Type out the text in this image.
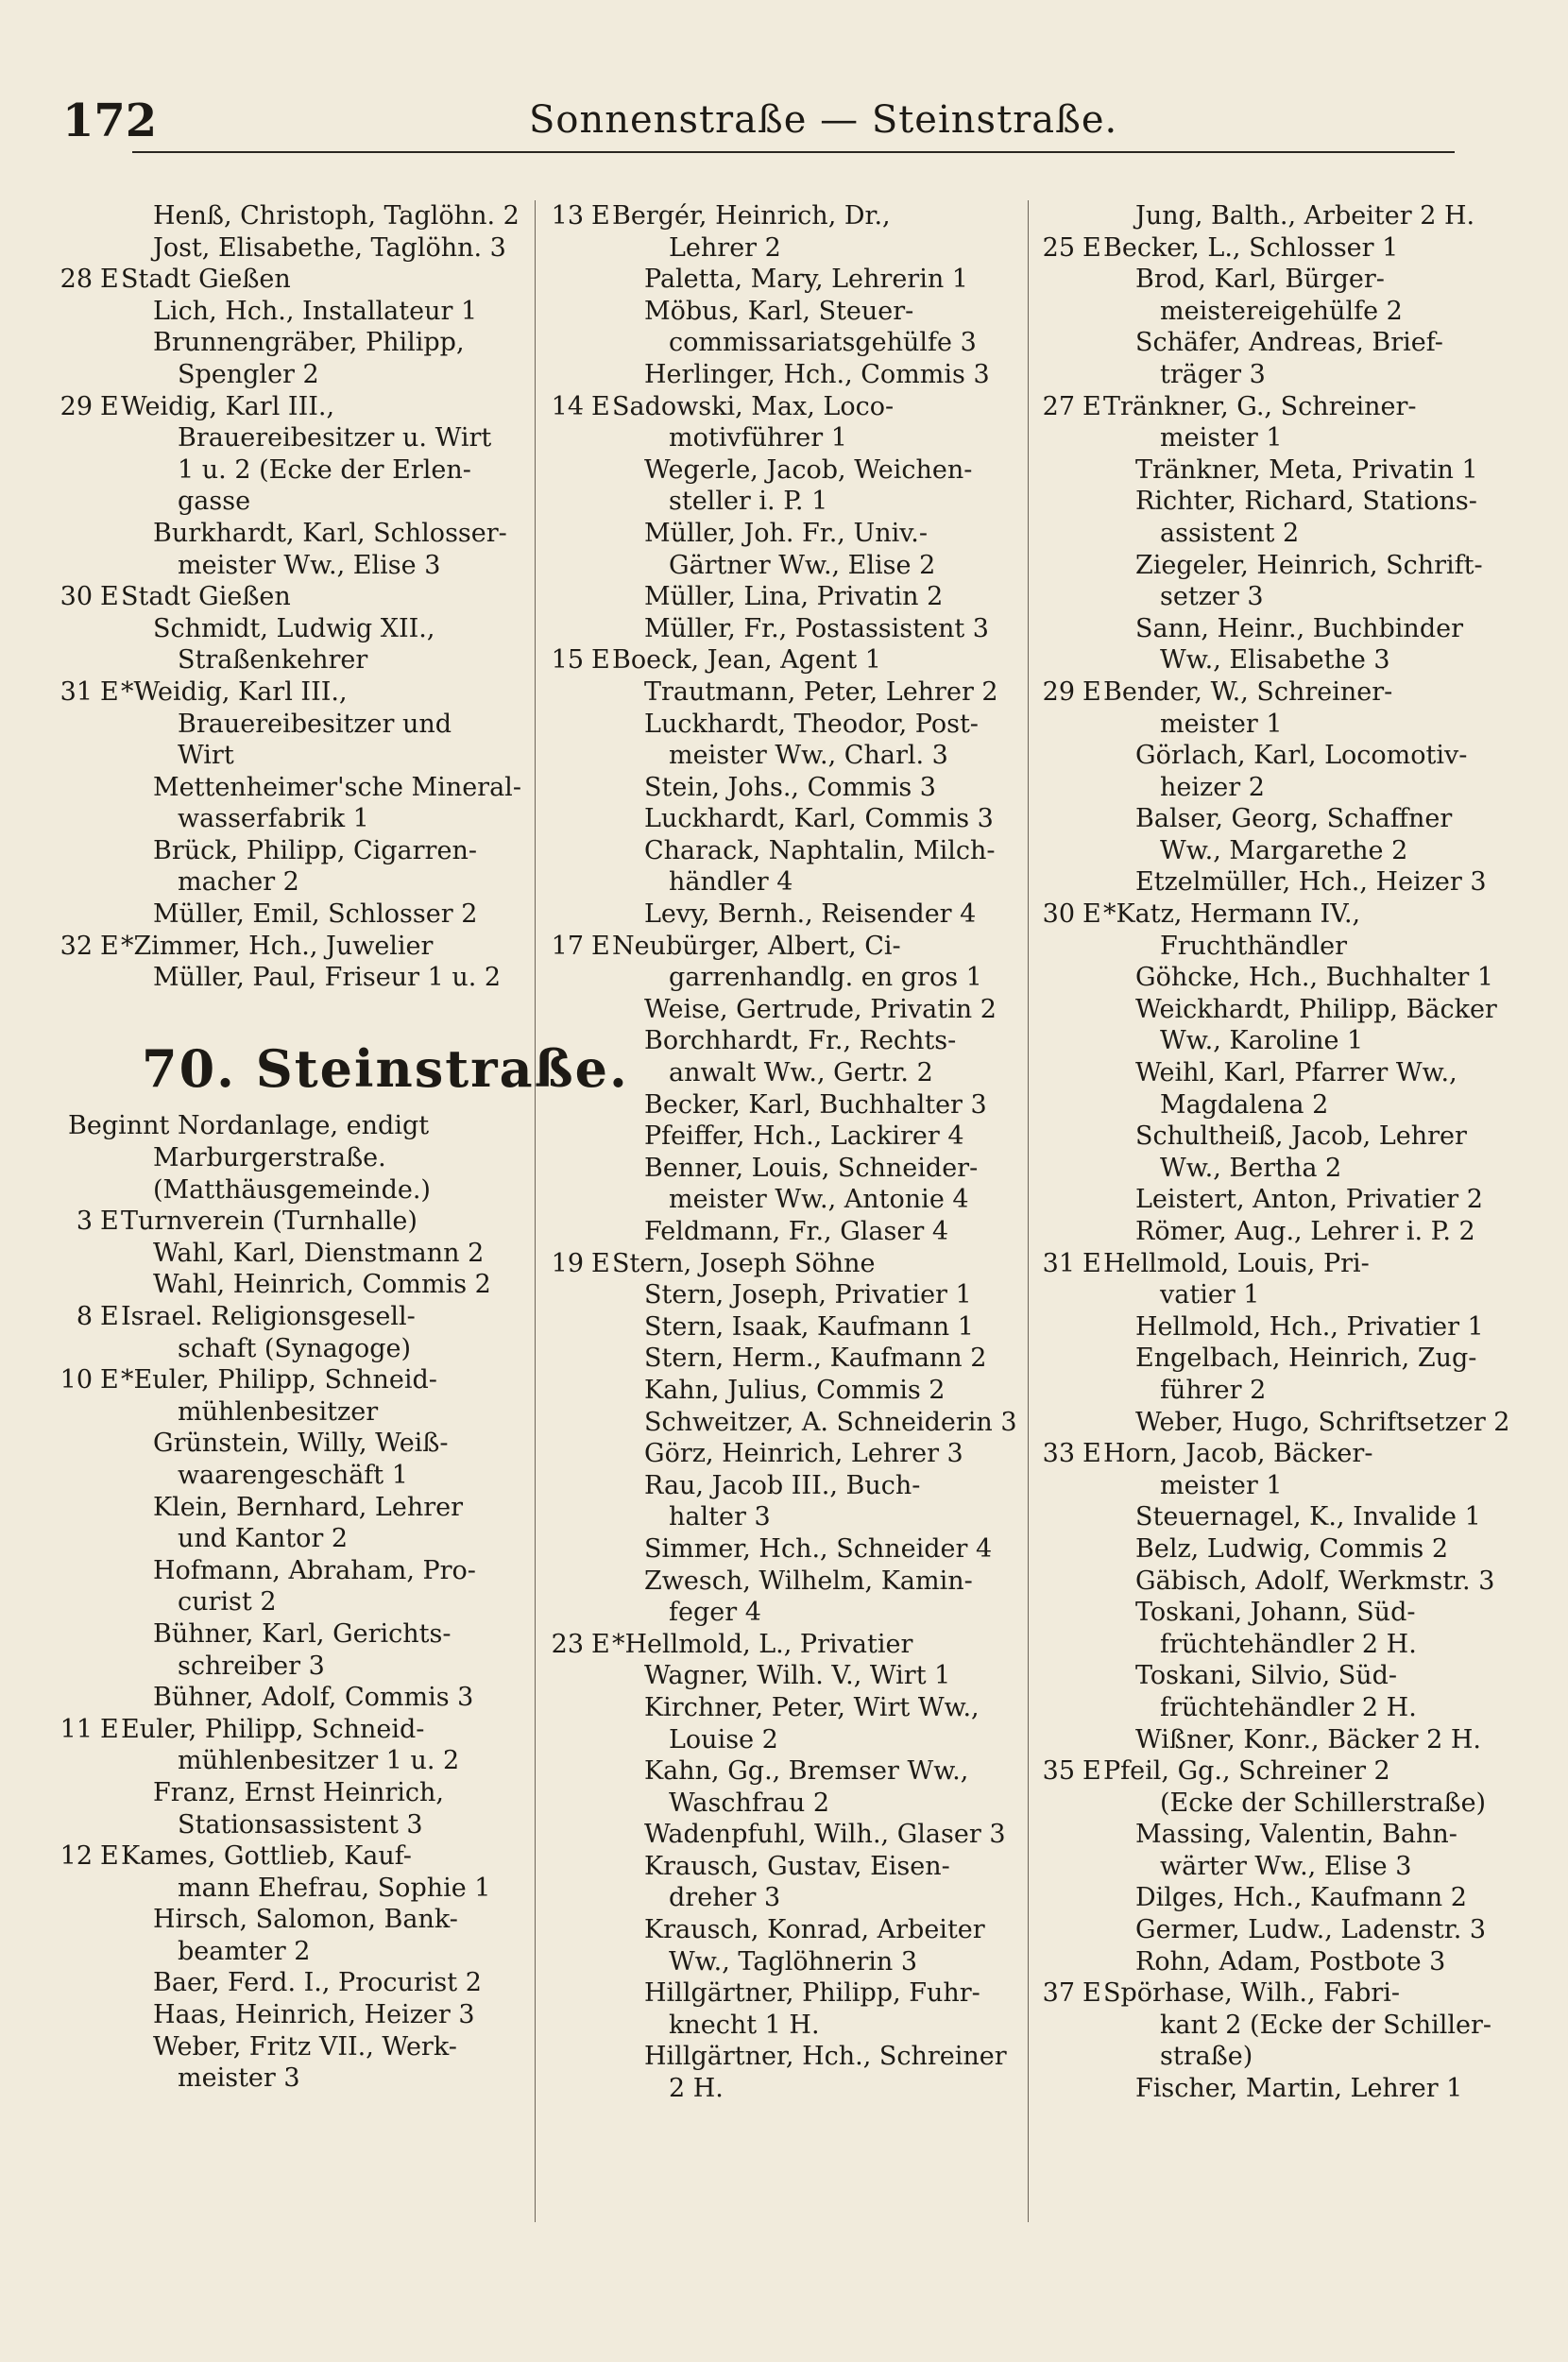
172	Sonnenstraße — Steinstraße.
Henß, Christoph, Taglöhn. 2
Jost, Elisabethe, Taglöhn. 3
28 E Stadt Gießen
Lich, Hch., Installateur 1
Brunnengräber, Philipp,
Spengler 2
29 E Weidig, Karl III.,
Brauereibesitzer u. Wirt
1 u. 2 (Ecke der Erlen-
gasse
Burkhardt, Karl, Schlosser-
meister Ww., Elise 3
30 E Stadt Gießen
Schmidt, Ludwig XII.,
Straßenkehrer
31 E *Weidig, Karl III.,
Brauereibesitzer und
Wirt
Mettenheimer'sche Mineral-
wasserfabrik 1
Brück, Philipp, Cigarren-
macher 2
Müller, Emil, Schlosser 2
32 E *Zimmer, Hch., Juwelier
Müller, Paul, Friseur 1 u. 2
70. Steinstraße.
Beginnt Nordanlage, endigt
Marburgerstraße.
(Matthäusgemeinde.)
3 E Turnverein (Turnhalle)
Wahl, Karl, Dienstmann 2
Wahl, Heinrich, Commis 2
8 E Israel. Religionsgesell-
schaft (Synagoge)
10 E *Euler, Philipp, Schneid-
mühlenbesitzer
Grünstein, Willy, Weiß-
waarengeschäft 1
Klein, Bernhard, Lehrer
und Kantor 2
Hofmann, Abraham, Pro-
curist 2
Bühner, Karl, Gerichts-
schreiber 3
Bühner, Adolf, Commis 3
11 E Euler, Philipp, Schneid-
mühlenbesitzer 1 u. 2
Franz, Ernst Heinrich,
Stationsassistent 3
12 E Kames, Gottlieb, Kauf-
mann Ehefrau, Sophie 1
Hirsch, Salomon, Bank-
beamter 2
Baer, Ferd. I., Procurist 2
Haas, Heinrich, Heizer 3
Weber, Fritz VII., Werk-
meister 3
13 E Bergér, Heinrich, Dr.,
Lehrer 2
Paletta, Mary, Lehrerin 1
Möbus, Karl, Steuer-
commissariatsgehülfe 3
Herlinger, Hch., Commis 3
14 E Sadowski, Max, Loco-
motivführer 1
Wegerle, Jacob, Weichen-
steller i. P. 1
Müller, Joh. Fr., Univ.-
Gärtner Ww., Elise 2
Müller, Lina, Privatin 2
Müller, Fr., Postassistent 3
15 E Boeck, Jean, Agent 1
Trautmann, Peter, Lehrer 2
Luckhardt, Theodor, Post-
meister Ww., Charl. 3
Stein, Johs., Commis 3
Luckhardt, Karl, Commis 3
Charack, Naphtalin, Milch-
händler 4
Levy, Bernh., Reisender 4
17 E Neubürger, Albert, Ci-
garrenhandlg. en gros 1
Weise, Gertrude, Privatin 2
Borchhardt, Fr., Rechts-
anwalt Ww., Gertr. 2
Becker, Karl, Buchhalter 3
Pfeiffer, Hch., Lackirer 4
Benner, Louis, Schneider-
meister Ww., Antonie 4
Feldmann, Fr., Glaser 4
19 E Stern, Joseph Söhne
Stern, Joseph, Privatier 1
Stern, Isaak, Kaufmann 1
Stern, Herm., Kaufmann 2
Kahn, Julius, Commis 2
Schweitzer, A. Schneiderin 3
Görz, Heinrich, Lehrer 3
Rau, Jacob III., Buch-
halter 3
Simmer, Hch., Schneider 4
Zwesch, Wilhelm, Kamin-
feger 4
23 E *Hellmold, L., Privatier
Wagner, Wilh. V., Wirt 1
Kirchner, Peter, Wirt Ww.,
Louise 2
Kahn, Gg., Bremser Ww.,
Waschfrau 2
Wadenpfuhl, Wilh., Glaser 3
Krausch, Gustav, Eisen-
dreher 3
Krausch, Konrad, Arbeiter
Ww., Taglöhnerin 3
Hillgärtner, Philipp, Fuhr-
knecht 1 H.
Hillgärtner, Hch., Schreiner
2 H.
Jung, Balth., Arbeiter 2 H.
25 E Becker, L., Schlosser 1
Brod, Karl, Bürger-
meistereigehülfe 2
Schäfer, Andreas, Brief-
träger 3
27 E Tränkner, G., Schreiner-
meister 1
Tränkner, Meta, Privatin 1
Richter, Richard, Stations-
assistent 2
Ziegeler, Heinrich, Schrift-
setzer 3
Sann, Heinr., Buchbinder
Ww., Elisabethe 3
29 E Bender, W., Schreiner-
meister 1
Görlach, Karl, Locomotiv-
heizer 2
Balser, Georg, Schaffner
Ww., Margarethe 2
Etzelmüller, Hch., Heizer 3
30 E *Katz, Hermann IV.,
Fruchthändler
Göhcke, Hch., Buchhalter 1
Weickhardt, Philipp, Bäcker
Ww., Karoline 1
Weihl, Karl, Pfarrer Ww.,
Magdalena 2
Schultheiß, Jacob, Lehrer
Ww., Bertha 2
Leistert, Anton, Privatier 2
Römer, Aug., Lehrer i. P. 2
31 E Hellmold, Louis, Pri-
vatier 1
Hellmold, Hch., Privatier 1
Engelbach, Heinrich, Zug-
führer 2
Weber, Hugo, Schriftsetzer 2
33 E Horn, Jacob, Bäcker-
meister 1
Steuernagel, K., Invalide 1
Belz, Ludwig, Commis 2
Gäbisch, Adolf, Werkmstr. 3
Toskani, Johann, Süd-
früchtehändler 2 H.
Toskani, Silvio, Süd-
früchtehändler 2 H.
Wißner, Konr., Bäcker 2 H.
35 E Pfeil, Gg., Schreiner 2
(Ecke der Schillerstraße)
Massing, Valentin, Bahn-
wärter Ww., Elise 3
Dilges, Hch., Kaufmann 2
Germer, Ludw., Ladenstr. 3
Rohn, Adam, Postbote 3
37 E Spörhase, Wilh., Fabri-
kant 2 (Ecke der Schiller-
straße)
Fischer, Martin, Lehrer 1
